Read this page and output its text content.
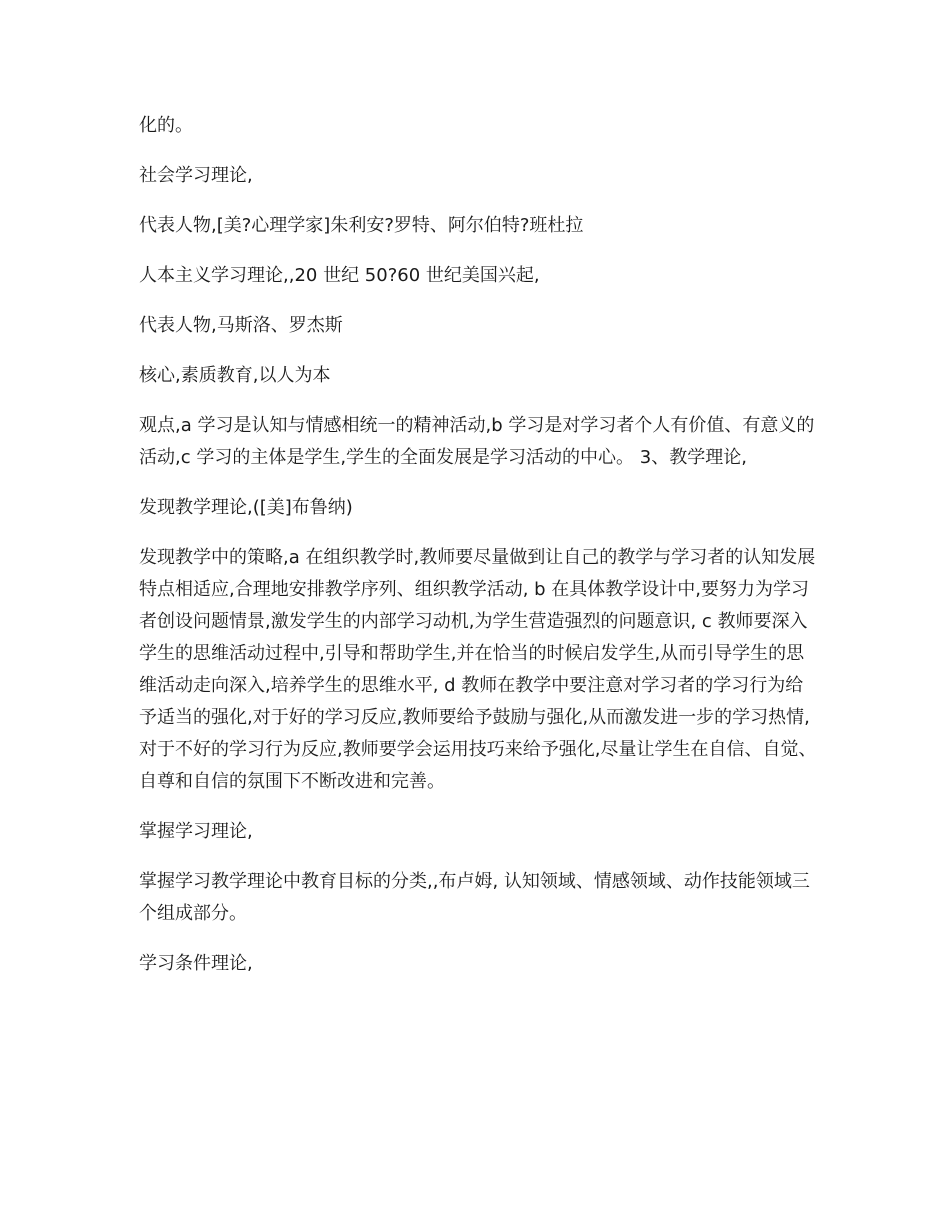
化的。

社会学习理论,

代表人物,[美?心理学家]朱利安?罗特、阿尔伯特?班杜拉

人本主义学习理论,,20 世纪 50?60 世纪美国兴起,

代表人物,马斯洛、罗杰斯

核心,素质教育,以人为本

观点,a 学习是认知与情感相统一的精神活动,b 学习是对学习者个人有价值、有意义的活动,c 学习的主体是学生,学生的全面发展是学习活动的中心。 3、教学理论,

发现教学理论,([美]布鲁纳)

发现教学中的策略,a 在组织教学时,教师要尽量做到让自己的教学与学习者的认知发展特点相适应,合理地安排教学序列、组织教学活动, b 在具体教学设计中,要努力为学习者创设问题情景,激发学生的内部学习动机,为学生营造强烈的问题意识, c 教师要深入学生的思维活动过程中,引导和帮助学生,并在恰当的时候启发学生,从而引导学生的思维活动走向深入,培养学生的思维水平, d 教师在教学中要注意对学习者的学习行为给予适当的强化,对于好的学习反应,教师要给予鼓励与强化,从而激发进一步的学习热情,对于不好的学习行为反应,教师要学会运用技巧来给予强化,尽量让学生在自信、自觉、自尊和自信的氛围下不断改进和完善。

掌握学习理论,

掌握学习教学理论中教育目标的分类,,布卢姆, 认知领域、情感领域、动作技能领域三个组成部分。

学习条件理论,
